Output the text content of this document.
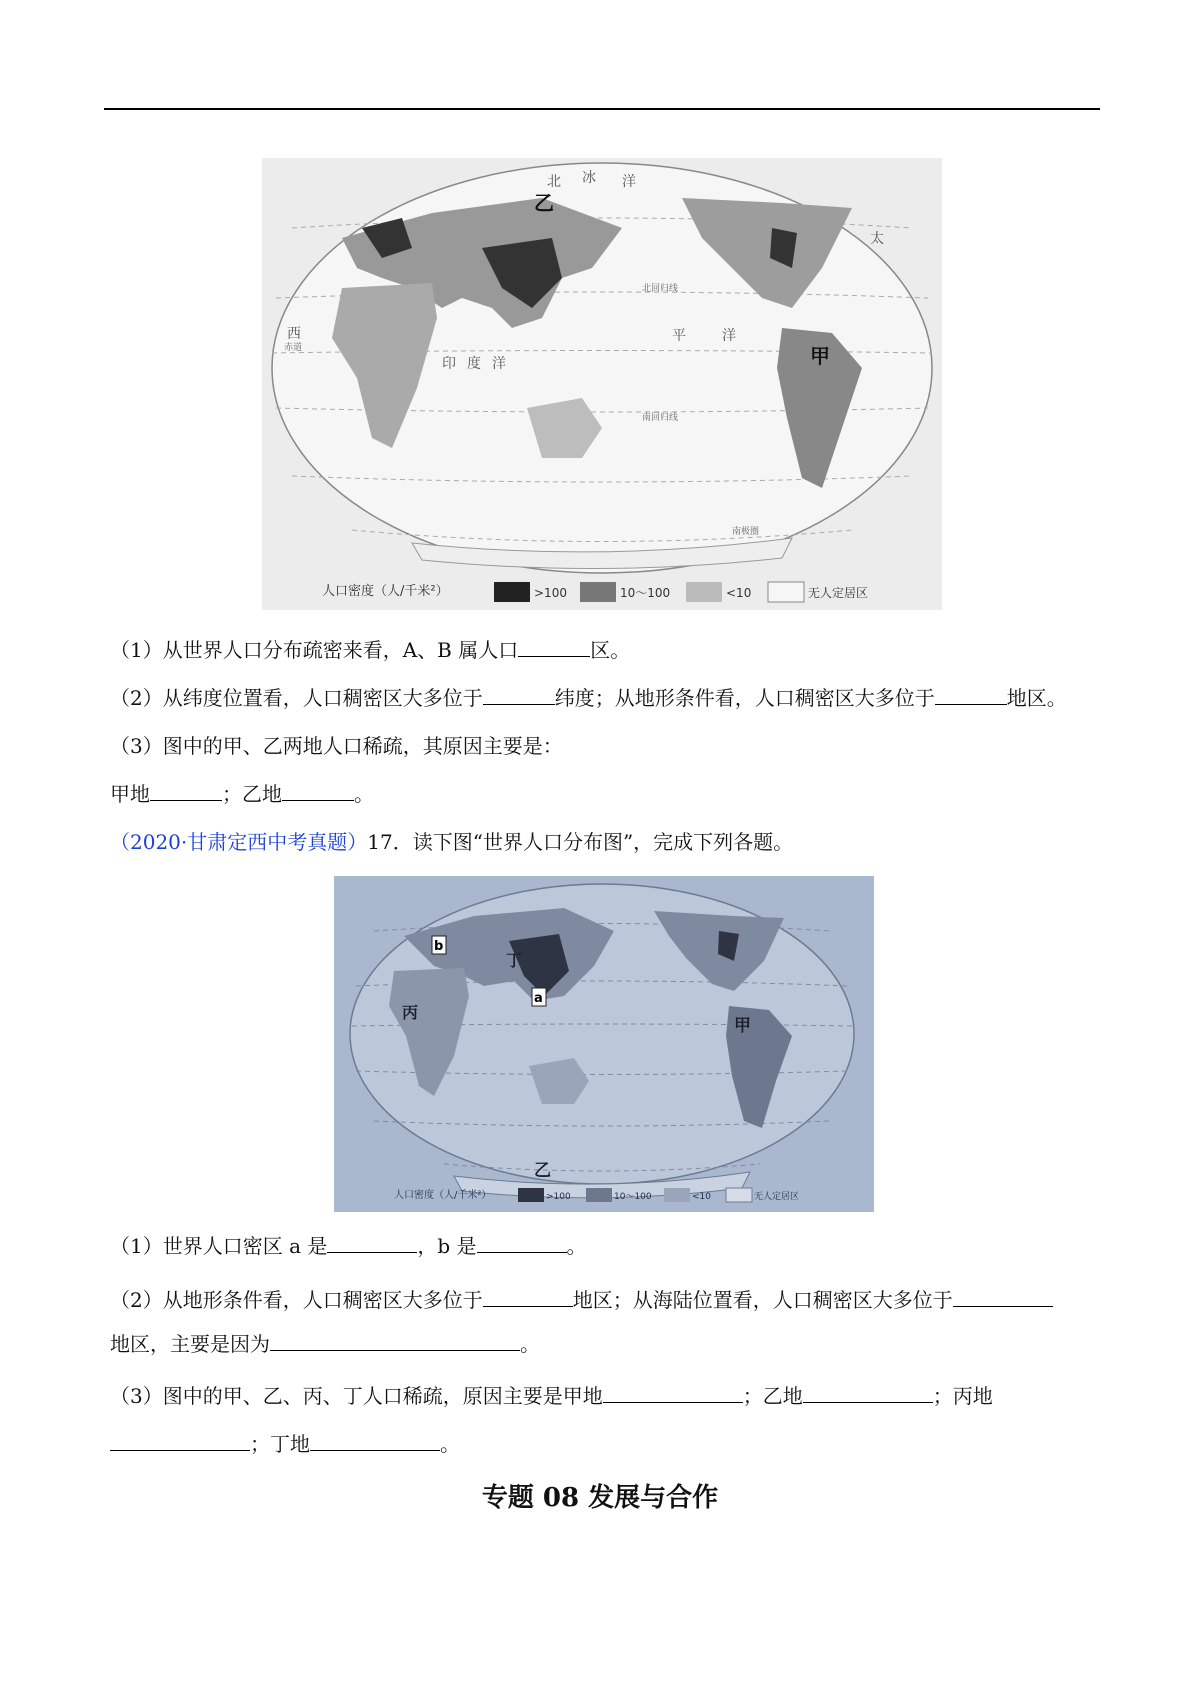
北 冰 洋
太
西
印 度 洋
平	洋
甲
乙
北回归线
赤道
南回归线
南极圈
人口密度（人/千米²）	>100	10～100	<10	无人定居区
（1）从世界人口分布疏密来看，A、B 属人口	区。
（2）从纬度位置看，人口稠密区大多位于	纬度；从地形条件看，人口稠密区大多位于	地区。
（3）图中的甲、乙两地人口稀疏，其原因主要是：
甲地	；乙地	。
（2020·甘肃定西中考真题）17．读下图“世界人口分布图”，完成下列各题。
b
a
甲
乙
丙
丁
人口密度（人/千米²）	>100	10～100	<10	无人定居区
（1）世界人口密区 a 是	，b 是	。
（2）从地形条件看，人口稠密区大多位于	地区；从海陆位置看，人口稠密区大多位于
地区，主要是因为	。
（3）图中的甲、乙、丙、丁人口稀疏，原因主要是甲地	；乙地	；丙地
；丁地	。
专题 08 发展与合作
